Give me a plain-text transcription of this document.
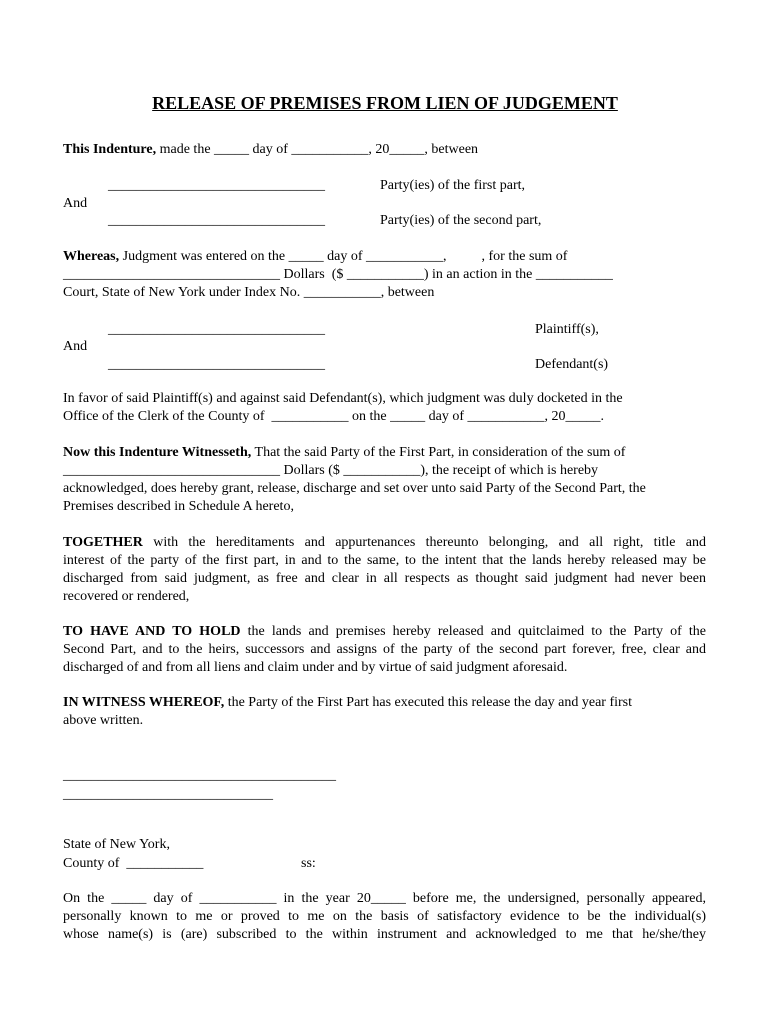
RELEASE OF PREMISES FROM LIEN OF JUDGEMENT
This Indenture, made the _____ day of ___________, 20_____, between
_______________________________	Party(ies) of the first part,
And
_______________________________	Party(ies) of the second part,
Whereas, Judgment was entered on the _____ day of ___________,          , for the sum of
_______________________________ Dollars  ($ ___________) in an action in the ___________
Court, State of New York under Index No. ___________, between
_______________________________	Plaintiff(s),
And
_______________________________	Defendant(s)
In favor of said Plaintiff(s) and against said Defendant(s), which judgment was duly docketed in the
Office of the Clerk of the County of  ___________ on the _____ day of ___________, 20_____.
Now this Indenture Witnesseth, That the said Party of the First Part, in consideration of the sum of
_______________________________ Dollars ($ ___________), the receipt of which is hereby
acknowledged, does hereby grant, release, discharge and set over unto said Party of the Second Part, the
Premises described in Schedule A hereto,
TOGETHER with the hereditaments and appurtenances thereunto belonging, and all right, title and
interest of the party of the first part, in and to the same, to the intent that the lands hereby released may be
discharged from said judgment, as free and clear in all respects as thought said judgment had never been
recovered or rendered,
TO HAVE AND TO HOLD the lands and premises hereby released and quitclaimed to the Party of the
Second Part, and to the heirs, successors and assigns of the party of the second part forever, free, clear and
discharged of and from all liens and claim under and by virtue of said judgment aforesaid.
IN WITNESS WHEREOF, the Party of the First Part has executed this release the day and year first
above written.
_______________________________________
______________________________
State of New York,
County of  ___________	ss:
On the _____ day of ___________ in the year 20_____ before me, the undersigned, personally appeared,
personally known to me or proved to me on the basis of satisfactory evidence to be the individual(s)
whose name(s) is (are) subscribed to the within instrument and acknowledged to me that he/she/they
